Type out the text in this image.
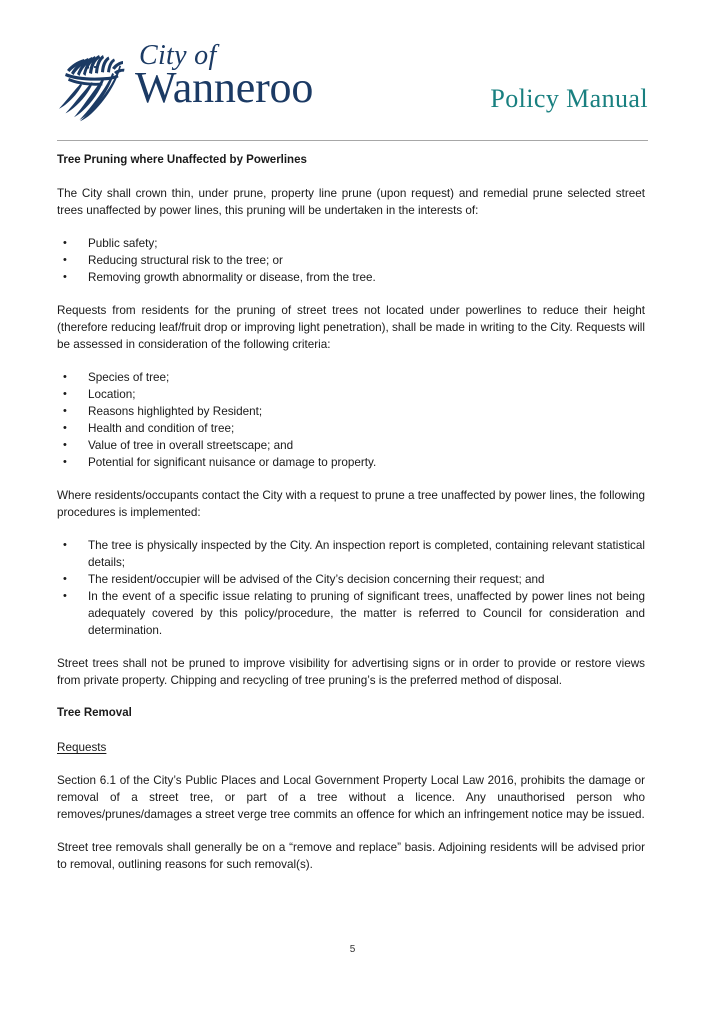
City of
Wanneroo	Policy Manual
Tree Pruning where Unaffected by Powerlines

The City shall crown thin, under prune, property line prune (upon request) and remedial prune selected street trees unaffected by power lines, this pruning will be undertaken in the interests of:

• Public safety;
• Reducing structural risk to the tree; or
• Removing growth abnormality or disease, from the tree.

Requests from residents for the pruning of street trees not located under powerlines to reduce their height (therefore reducing leaf/fruit drop or improving light penetration), shall be made in writing to the City. Requests will be assessed in consideration of the following criteria:

• Species of tree;
• Location;
• Reasons highlighted by Resident;
• Health and condition of tree;
• Value of tree in overall streetscape; and
• Potential for significant nuisance or damage to property.

Where residents/occupants contact the City with a request to prune a tree unaffected by power lines, the following procedures is implemented:

• The tree is physically inspected by the City. An inspection report is completed, containing relevant statistical details;
• The resident/occupier will be advised of the City’s decision concerning their request; and
• In the event of a specific issue relating to pruning of significant trees, unaffected by power lines not being adequately covered by this policy/procedure, the matter is referred to Council for consideration and determination.

Street trees shall not be pruned to improve visibility for advertising signs or in order to provide or restore views from private property. Chipping and recycling of tree pruning’s is the preferred method of disposal.

Tree Removal
Requests

Section 6.1 of the City’s Public Places and Local Government Property Local Law 2016, prohibits the damage or removal of a street tree, or part of a tree without a licence. Any unauthorised person who removes/prunes/damages a street verge tree commits an offence for which an infringement notice may be issued.

Street tree removals shall generally be on a “remove and replace” basis. Adjoining residents will be advised prior to removal, outlining reasons for such removal(s).

5
